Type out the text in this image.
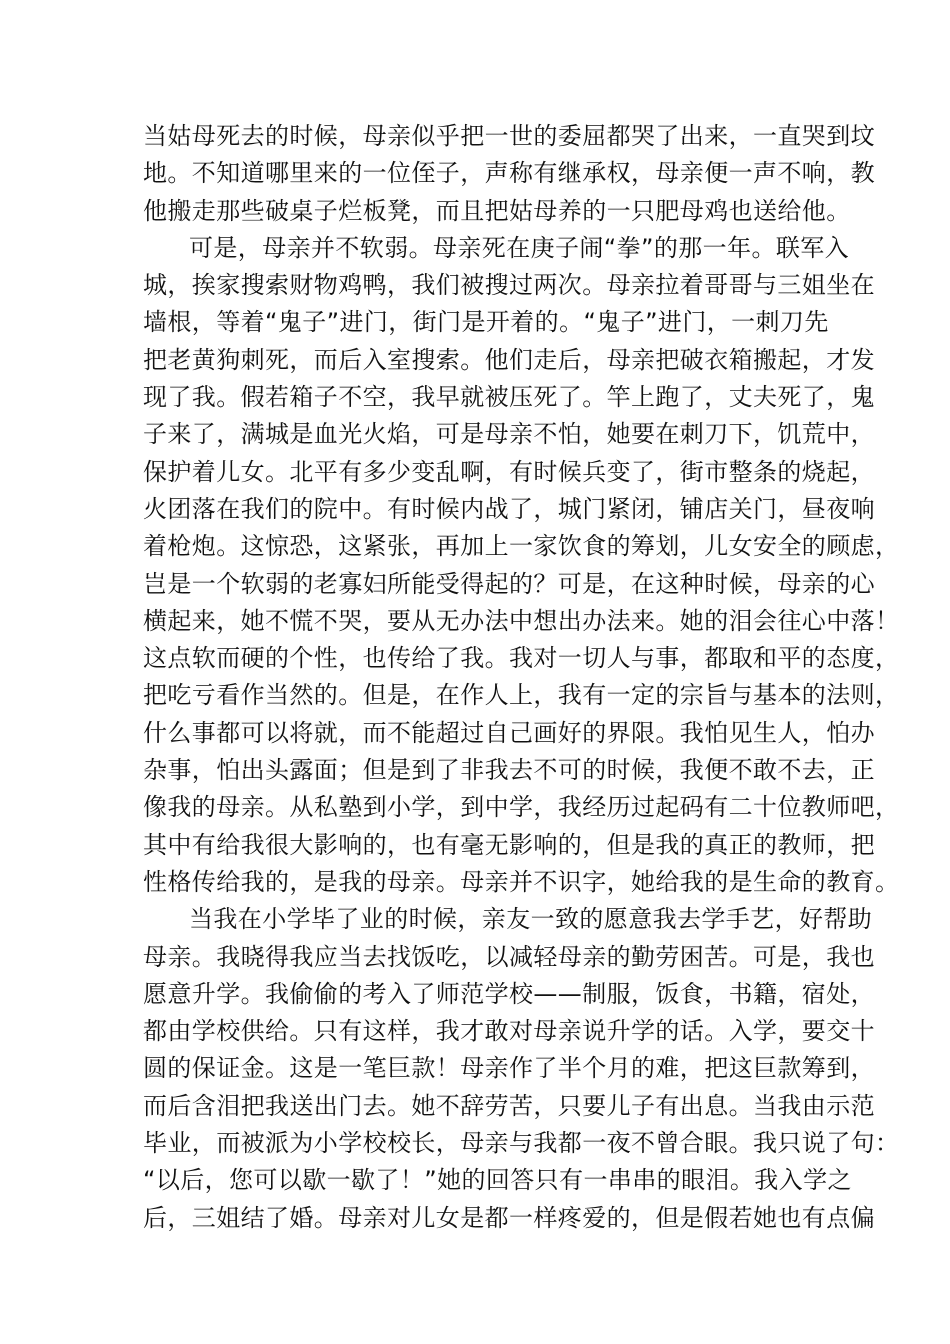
当姑母死去的时候，母亲似乎把一世的委屈都哭了出来，一直哭到坟
地。不知道哪里来的一位侄子，声称有继承权，母亲便一声不响，教
他搬走那些破桌子烂板凳，而且把姑母养的一只肥母鸡也送给他。
可是，母亲并不软弱。母亲死在庚子闹“拳”的那一年。联军入
城，挨家搜索财物鸡鸭，我们被搜过两次。母亲拉着哥哥与三姐坐在
墙根，等着“鬼子”进门，街门是开着的。“鬼子”进门，一刺刀先
把老黄狗刺死，而后入室搜索。他们走后，母亲把破衣箱搬起，才发
现了我。假若箱子不空，我早就被压死了。竿上跑了，丈夫死了，鬼
子来了，满城是血光火焰，可是母亲不怕，她要在刺刀下，饥荒中，
保护着儿女。北平有多少变乱啊，有时候兵变了，街市整条的烧起，
火团落在我们的院中。有时候内战了，城门紧闭，铺店关门，昼夜响
着枪炮。这惊恐，这紧张，再加上一家饮食的筹划，儿女安全的顾虑，
岂是一个软弱的老寡妇所能受得起的？可是，在这种时候，母亲的心
横起来，她不慌不哭，要从无办法中想出办法来。她的泪会往心中落！
这点软而硬的个性，也传给了我。我对一切人与事，都取和平的态度，
把吃亏看作当然的。但是，在作人上，我有一定的宗旨与基本的法则，
什么事都可以将就，而不能超过自己画好的界限。我怕见生人，怕办
杂事，怕出头露面；但是到了非我去不可的时候，我便不敢不去，正
像我的母亲。从私塾到小学，到中学，我经历过起码有二十位教师吧，
其中有给我很大影响的，也有毫无影响的，但是我的真正的教师，把
性格传给我的，是我的母亲。母亲并不识字，她给我的是生命的教育。
当我在小学毕了业的时候，亲友一致的愿意我去学手艺，好帮助
母亲。我晓得我应当去找饭吃，以减轻母亲的勤劳困苦。可是，我也
愿意升学。我偷偷的考入了师范学校——制服，饭食，书籍，宿处，
都由学校供给。只有这样，我才敢对母亲说升学的话。入学，要交十
圆的保证金。这是一笔巨款！母亲作了半个月的难，把这巨款筹到，
而后含泪把我送出门去。她不辞劳苦，只要儿子有出息。当我由示范
毕业，而被派为小学校校长，母亲与我都一夜不曾合眼。我只说了句：
“以后，您可以歇一歇了！”她的回答只有一串串的眼泪。我入学之
后，三姐结了婚。母亲对儿女是都一样疼爱的，但是假若她也有点偏
